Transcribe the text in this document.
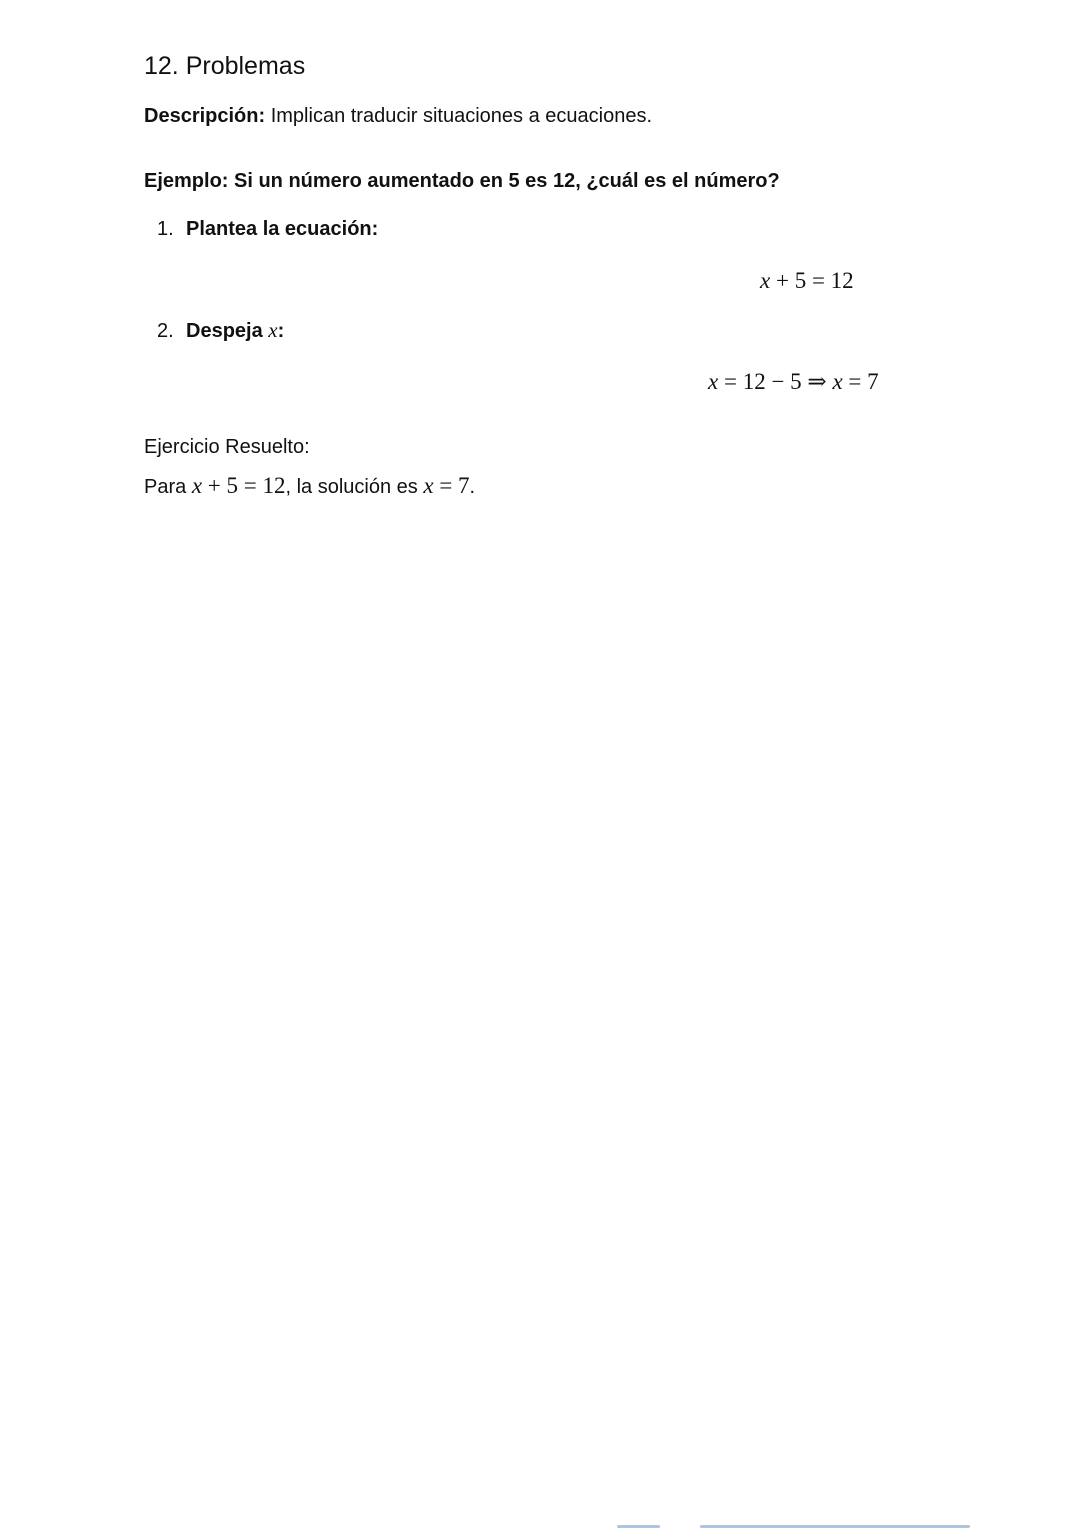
12. Problemas
Descripción: Implican traducir situaciones a ecuaciones.
Ejemplo: Si un número aumentado en 5 es 12, ¿cuál es el número?
1. Plantea la ecuación:
x + 5 = 12
2. Despeja x:
x = 12 − 5 ⇒ x = 7
Ejercicio Resuelto:
Para x + 5 = 12, la solución es x = 7.
